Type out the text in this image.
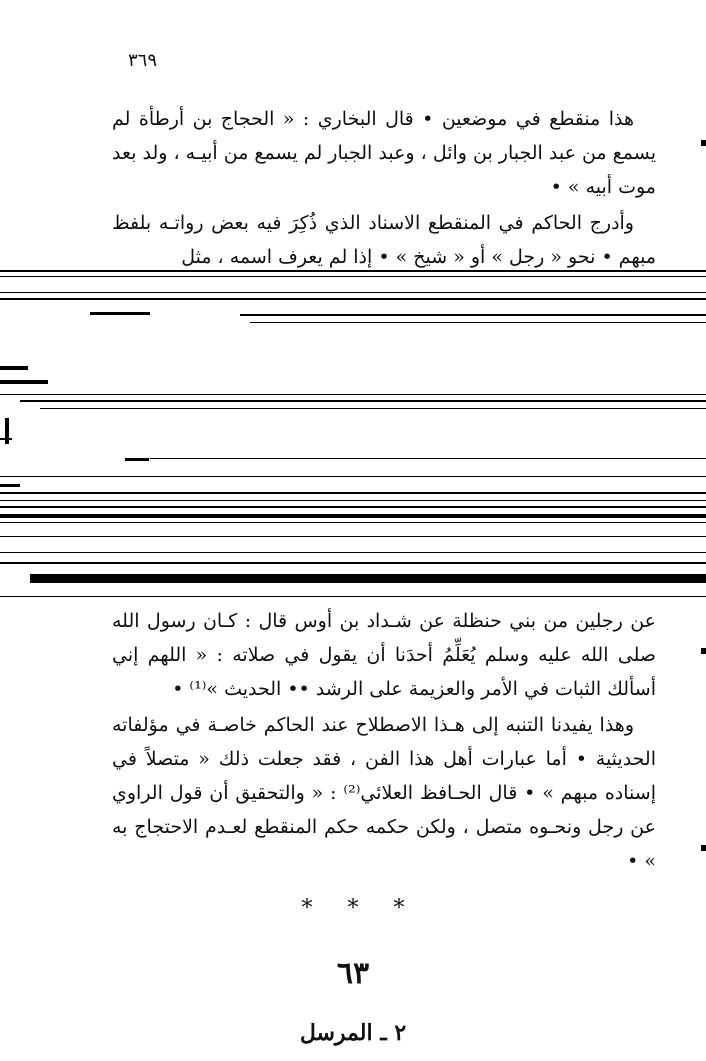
٣٦٩

هذا منقطع في موضعين • قال البخاري : « الحجاج بن أرطأة لم يسمع من عبد الجبار بن وائل ، وعبد الجبار لم يسمع من أبيـه ، ولد بعد موت أبيه » •

وأدرج الحاكم في المنقطع الاسناد الذي ذُكِرَ فيه بعض رواتـه بلفظ مبهم • نحو « رجل » أو « شيخ » • إذا لم يعرف اسمه ، مثل

عن رجلين من بني حنظلة عن شـداد بن أوس قال : كـان رسول الله صلى الله عليه وسلم يُعَلِّمُ أحدَنا أن يقول في صلاته : « اللهم إني أسألك الثبات في الأمر والعزيمة على الرشد •• الحديث »⁽¹⁾ •

وهذا يفيدنا التنبه إلى هـذا الاصطلاح عند الحاكم خاصـة في مؤلفاته الحديثية • أما عبارات أهل هذا الفن ، فقد جعلت ذلك « متصلاً في إسناده مبهم » • قال الحـافظ العلائي⁽²⁾ : « والتحقيق أن قول الراوي عن رجل ونحـوه متصل ، ولكن حكمه حكم المنقطع لعـدم الاحتجاج به » •

* * *
٦٣
٢ ـ المرسل
